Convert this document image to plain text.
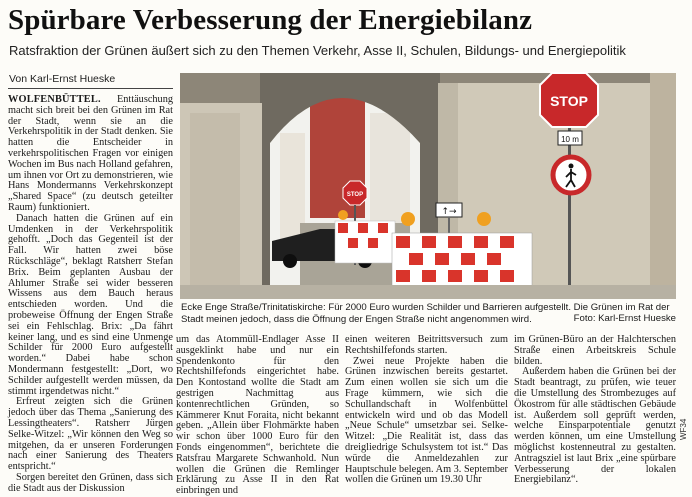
Spürbare Verbesserung der Energiebilanz
Ratsfraktion der Grünen äußert sich zu den Themen Verkehr, Asse II, Schulen, Bildungs- und Energiepolitik
Von Karl-Ernst Hueske

WOLFENBÜTTEL. Enttäuschung macht sich breit bei den Grünen im Rat der Stadt, wenn sie an die Verkehrspolitik in der Stadt denken. Sie hatten die Entscheider in verkehrspolitischen Fragen vor einigen Wochen im Bus nach Holland gefahren, um ihnen vor Ort zu demonstrieren, wie Hans Mondermanns Verkehrskonzept „Shared Space“ (zu deutsch geteilter Raum) funktioniert.

Danach hatten die Grünen auf ein Umdenken in der Verkehrspolitik gehofft. „Doch das Gegenteil ist der Fall. Wir hatten zwei böse Rückschläge“, beklagt Ratsherr Stefan Brix. Beim geplanten Ausbau der Ahlumer Straße sei wider besseren Wissens aus dem Bauch heraus entschieden worden. Und die probeweise Öffnung der Engen Straße sei ein Fehlschlag. Brix: „Da fährt keiner lang, und es sind eine Unmenge Schilder für 2000 Euro aufgestellt worden.“ Dabei habe schon Mondermann festgestellt: „Dort, wo Schilder aufgestellt werden müssen, da stimmt irgendetwas nicht.“

Erfreut zeigten sich die Grünen jedoch über das Thema „Sanierung des Lessingtheaters“. Ratsherr Jürgen Selke-Witzel: „Wir können den Weg so mitgehen, da er unseren Forderungen nach einer Sanierung des Theaters entspricht.“

Sorgen bereitet den Grünen, dass sich die Stadt aus der Diskussion

STOP
↑→
STOP
10 m
Ecke Enge Straße/Trinitatiskirche: Für 2000 Euro wurden Schilder und Barrieren aufgestellt. Die Grünen im Rat der Stadt meinen jedoch, dass die Öffnung der Engen Straße nicht angenommen wird.	Foto: Karl-Ernst Hueske

um das Atommüll-Endlager Asse II ausgeklinkt habe und nur ein Spendenkonto für den Rechtshilfefonds eingerichtet habe. Den Kontostand wollte die Stadt am gestrigen Nachmittag aus kontenrechtlichen Gründen, so Kämmerer Knut Foraita, nicht bekannt geben. „Allein über Flohmärkte haben wir schon über 1000 Euro für den Fonds eingenommen“, berichtete die Ratsfrau Margarete Schwanhold. Nun wollen die Grünen die Remlinger Erklärung zu Asse II in den Rat einbringen und

einen weiteren Beitrittsversuch zum Rechtshilfefonds starten.

Zwei neue Projekte haben die Grünen inzwischen bereits gestartet. Zum einen wollen sie sich um die Frage kümmern, wie sich die Schullandschaft in Wolfenbüttel entwickeln wird und ob das Modell „Neue Schule“ umsetzbar sei. Selke-Witzel: „Die Realität ist, dass das dreigliedrige Schulsystem tot ist.“ Das würde die Anmeldezahlen zur Hauptschule belegen. Am 3. September wollen die Grünen um 19.30 Uhr

im Grünen-Büro an der Halchterschen Straße einen Arbeitskreis Schule bilden.

Außerdem haben die Grünen bei der Stadt beantragt, zu prüfen, wie teuer die Umstellung des Strombezuges auf Ökostrom für alle städtischen Gebäude ist. Außerdem soll geprüft werden, welche Einsparpotentiale genutzt werden können, um eine Umstellung möglichst kostenneutral zu gestalten. Antragsziel ist laut Brix „eine spürbare Verbesserung der lokalen Energiebilanz“.

WF34
